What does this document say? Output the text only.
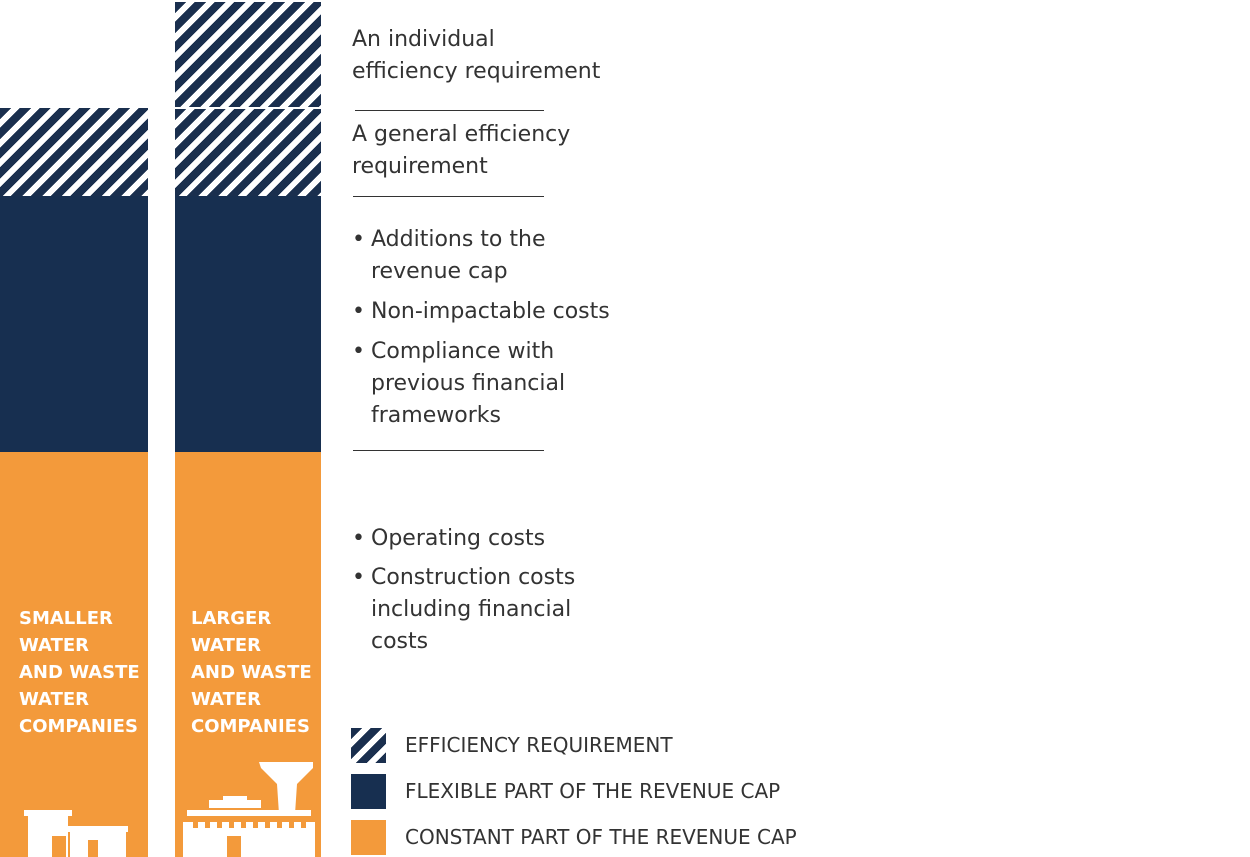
SMALLER
WATER
AND WASTE
WATER
COMPANIES
LARGER
WATER
AND WASTE
WATER
COMPANIES
An individual
efficiency requirement
A general efficiency
requirement
• Additions to the
revenue cap
• Non-impactable costs
• Compliance with
previous financial
frameworks
• Operating costs
• Construction costs
including financial
costs
EFFICIENCY REQUIREMENT
FLEXIBLE PART OF THE REVENUE CAP
CONSTANT PART OF THE REVENUE CAP
